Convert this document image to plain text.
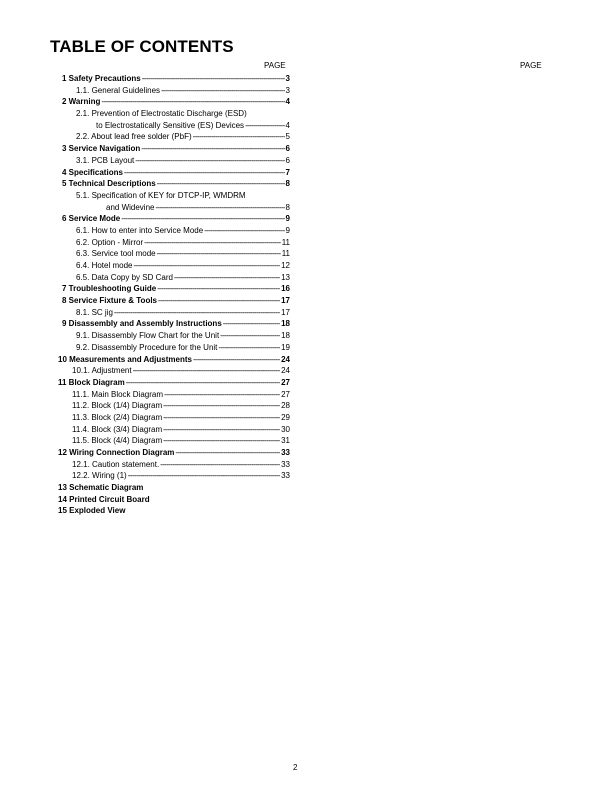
TABLE OF CONTENTS
PAGE	PAGE
1 Safety Precautions -----	3
1.1. General Guidelines -----	3
2 Warning -----	4
2.1. Prevention of Electrostatic Discharge (ESD)
to Electrostatically Sensitive (ES) Devices -----	4
2.2. About lead free solder (PbF) -----	5
3 Service Navigation -----	6
3.1. PCB Layout -----	6
4 Specifications -----	7
5 Technical Descriptions -----	8
5.1. Specification of KEY for DTCP-IP, WMDRM
and Widevine -----	8
6 Service Mode -----	9
6.1. How to enter into Service Mode -----	9
6.2. Option - Mirror -----	11
6.3. Service tool mode -----	11
6.4. Hotel mode -----	12
6.5. Data Copy by SD Card -----	13
7 Troubleshooting Guide -----	16
8 Service Fixture & Tools -----	17
8.1. SC jig -----	17
9 Disassembly and Assembly Instructions -----	18
9.1. Disassembly Flow Chart for the Unit -----	18
9.2. Disassembly Procedure for the Unit -----	19
10 Measurements and Adjustments -----	24
10.1. Adjustment -----	24
11 Block Diagram -----	27
11.1. Main Block Diagram -----	27
11.2. Block (1/4) Diagram -----	28
11.3. Block (2/4) Diagram -----	29
11.4. Block (3/4) Diagram -----	30
11.5. Block (4/4) Diagram -----	31
12 Wiring Connection Diagram -----	33
12.1. Caution statement. -----	33
12.2. Wiring (1) -----	33
13 Schematic Diagram
14 Printed Circuit Board
15 Exploded View
2
